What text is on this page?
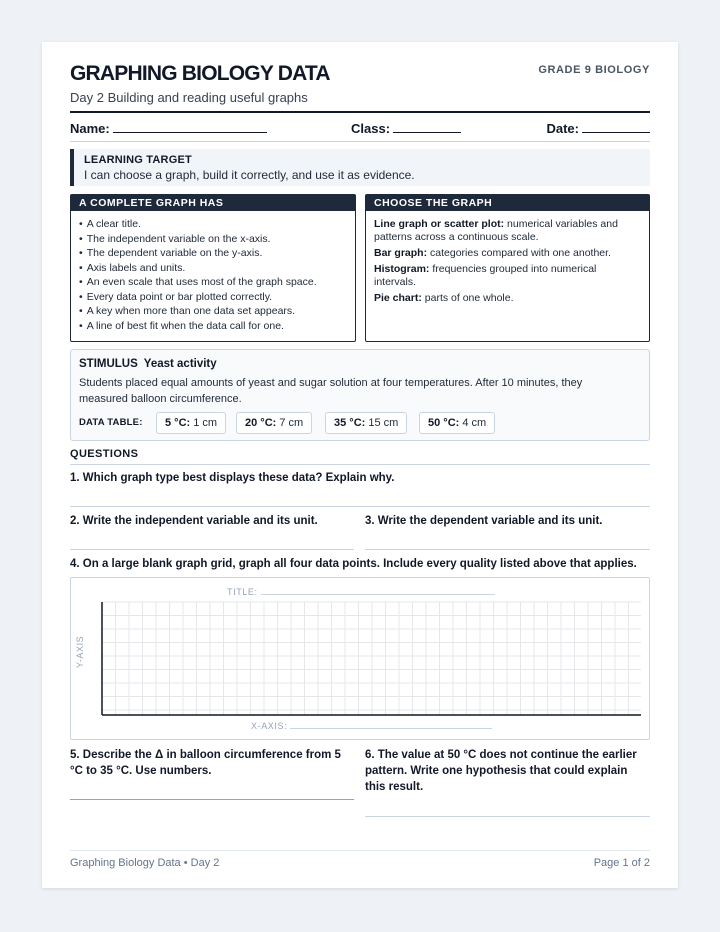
GRAPHING BIOLOGY DATA	GRADE 9 BIOLOGY
Day 2 Building and reading useful graphs
Name:	Class:	Date:
LEARNING TARGET
I can choose a graph, build it correctly, and use it as evidence.
A COMPLETE GRAPH HAS
• A clear title.
• The independent variable on the x-axis.
• The dependent variable on the y-axis.
• Axis labels and units.
• An even scale that uses most of the graph space.
• Every data point or bar plotted correctly.
• A key when more than one data set appears.
• A line of best fit when the data call for one.
CHOOSE THE GRAPH

Line graph or scatter plot: numerical variables and patterns across a continuous scale.

Bar graph: categories compared with one another.

Histogram: frequencies grouped into numerical intervals.

Pie chart: parts of one whole.

STIMULUS Yeast activity
Students placed equal amounts of yeast and sugar solution at four temperatures. After 10 minutes, they measured balloon circumference.
DATA TABLE:	5 °C: 1 cm	20 °C: 7 cm	35 °C: 15 cm	50 °C: 4 cm
QUESTIONS
1. Which graph type best displays these data? Explain why.
2. Write the independent variable and its unit.	3. Write the dependent variable and its unit.
4. On a large blank graph grid, graph all four data points. Include every quality listed above that applies.
TITLE:
Y-AXIS
X-AXIS:
5. Describe the Δ in balloon circumference from 5 °C to 35 °C. Use numbers.
6. The value at 50 °C does not continue the earlier pattern. Write one hypothesis that could explain this result.
Graphing Biology Data • Day 2	Page 1 of 2
